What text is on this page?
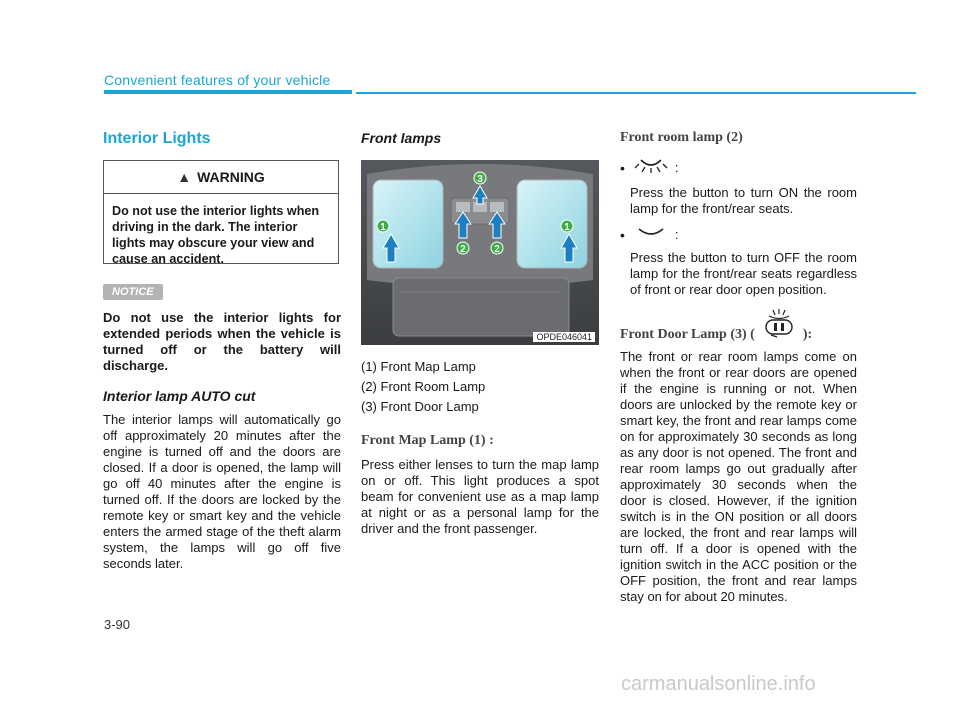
Convenient features of your vehicle
Interior Lights
▲ WARNING
Do not use the interior lights when driving in the dark. The interior lights may obscure your view and cause an accident.
NOTICE

Do not use the interior lights for extended periods when the vehicle is turned off or the battery will discharge.

Interior lamp AUTO cut

The interior lamps will automatically go off approximately 20 minutes after the engine is turned off and the doors are closed. If a door is opened, the lamp will go off 40 minutes after the engine is turned off. If the doors are locked by the remote key or smart key and the vehicle enters the armed stage of the theft alarm system, the lamps will go off five seconds later.

Front lamps
1
2	2
3
1
OPDE046041
(1) Front Map Lamp
(2) Front Room Lamp
(3) Front Door Lamp
Front Map Lamp (1) :

Press either lenses to turn the map lamp on or off. This light produces a spot beam for convenient use as a map lamp at night or as a personal lamp for the driver and the front passenger.

Front room lamp (2)
•	:

Press the button to turn ON the room lamp for the front/rear seats.

•	:

Press the button to turn OFF the room lamp for the front/rear seats regardless of front or rear door open position.

Front Door Lamp (3) (	):

The front or rear room lamps come on when the front or rear doors are opened if the engine is running or not. When doors are unlocked by the remote key or smart key, the front and rear lamps come on for approximately 30 seconds as long as any door is not opened. The front and rear room lamps go out gradually after approximately 30 seconds when the door is closed. However, if the ignition switch is in the ON position or all doors are locked, the front and rear lamps will turn off. If a door is opened with the ignition switch in the ACC position or the OFF position, the front and rear lamps stay on for about 20 minutes.

3-90
carmanualsonline.info
